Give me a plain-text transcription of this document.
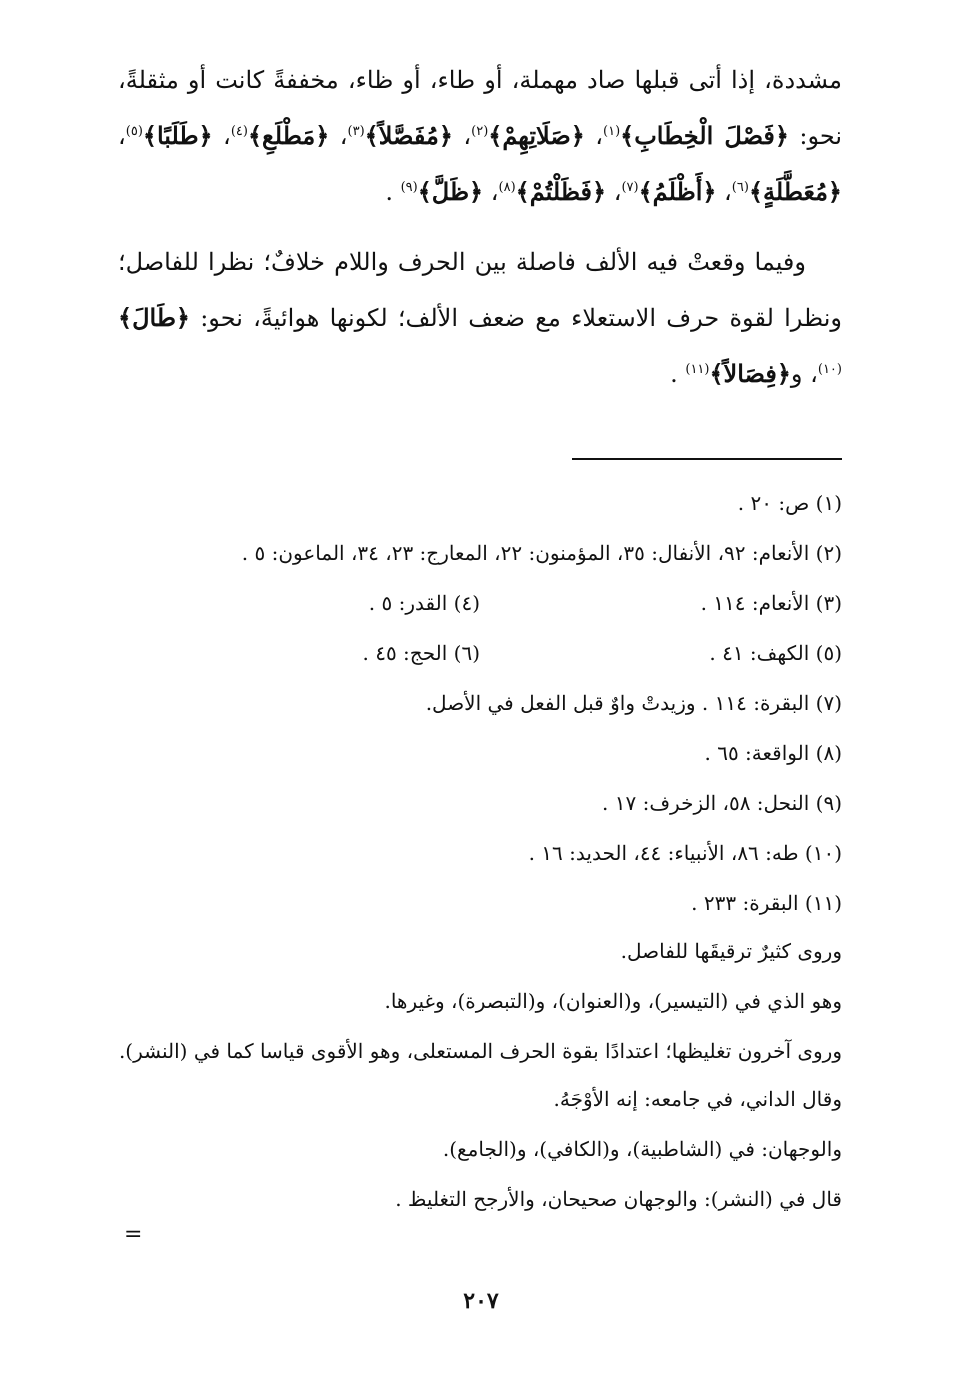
مشددة، إذا أتى قبلها صاد مهملة، أو طاء، أو ظاء، مخففةً كانت أو مثقلةً، نحو: ﴿فَصْلَ الْخِطَابِ﴾$^{(١)}$، ﴿صَلَاتِهِمْ﴾$^{(٢)}$، ﴿مُفَصَّلاً﴾$^{(٣)}$، ﴿مَطْلَعِ﴾$^{(٤)}$، ﴿طَلَبًا﴾$^{(٥)}$، ﴿مُعَطَّلَةٍ﴾$^{(٦)}$، ﴿أَظْلَمُ﴾$^{(٧)}$، ﴿فَظَلْتُمْ﴾$^{(٨)}$، ﴿ظَلَّ﴾$^{(٩)}$ .

وفيما وقعتْ فيه الألف فاصلة بين الحرف واللام خلافٌ؛ نظرا للفاصل؛ ونظرا لقوة حرف الاستعلاء مع ضعف الألف؛ لكونها هوائيةً، نحو: ﴿طَالَ﴾$^{(١٠)}$، و﴿فِصَالاً﴾$^{(١١)}$ .

(١) ص: ٢٠ .
(٢) الأنعام: ٩٢، الأنفال: ٣٥، المؤمنون: ٢٢، المعارج: ٢٣، ٣٤، الماعون: ٥ .
(٣) الأنعام: ١١٤ .
(٤) القدر: ٥ .
(٥) الكهف: ٤١ .
(٦) الحج: ٤٥ .
(٧) البقرة: ١١٤ . وزيدتْ واوٌ قبل الفعل في الأصل.
(٨) الواقعة: ٦٥ .
(٩) النحل: ٥٨، الزخرف: ١٧ .
(١٠) طه: ٨٦، الأنبياء: ٤٤، الحديد: ١٦ .
(١١) البقرة: ٢٣٣ .
وروى كثيرٌ ترقيقَها للفاصل.
وهو الذي في (التيسير)، و(العنوان)، و(التبصرة)، وغيرها.
وروى آخرون تغليظها؛ اعتدادًا بقوة الحرف المستعلى، وهو الأقوى قياسا كما في (النشر).
وقال الداني، في جامعه: إنه الأوْجَهُ.
والوجهان: في (الشاطبية)، و(الكافي)، و(الجامع).
قال في (النشر): والوجهان صحيحان، والأرجح التغليظ .
=
٢٠٧
